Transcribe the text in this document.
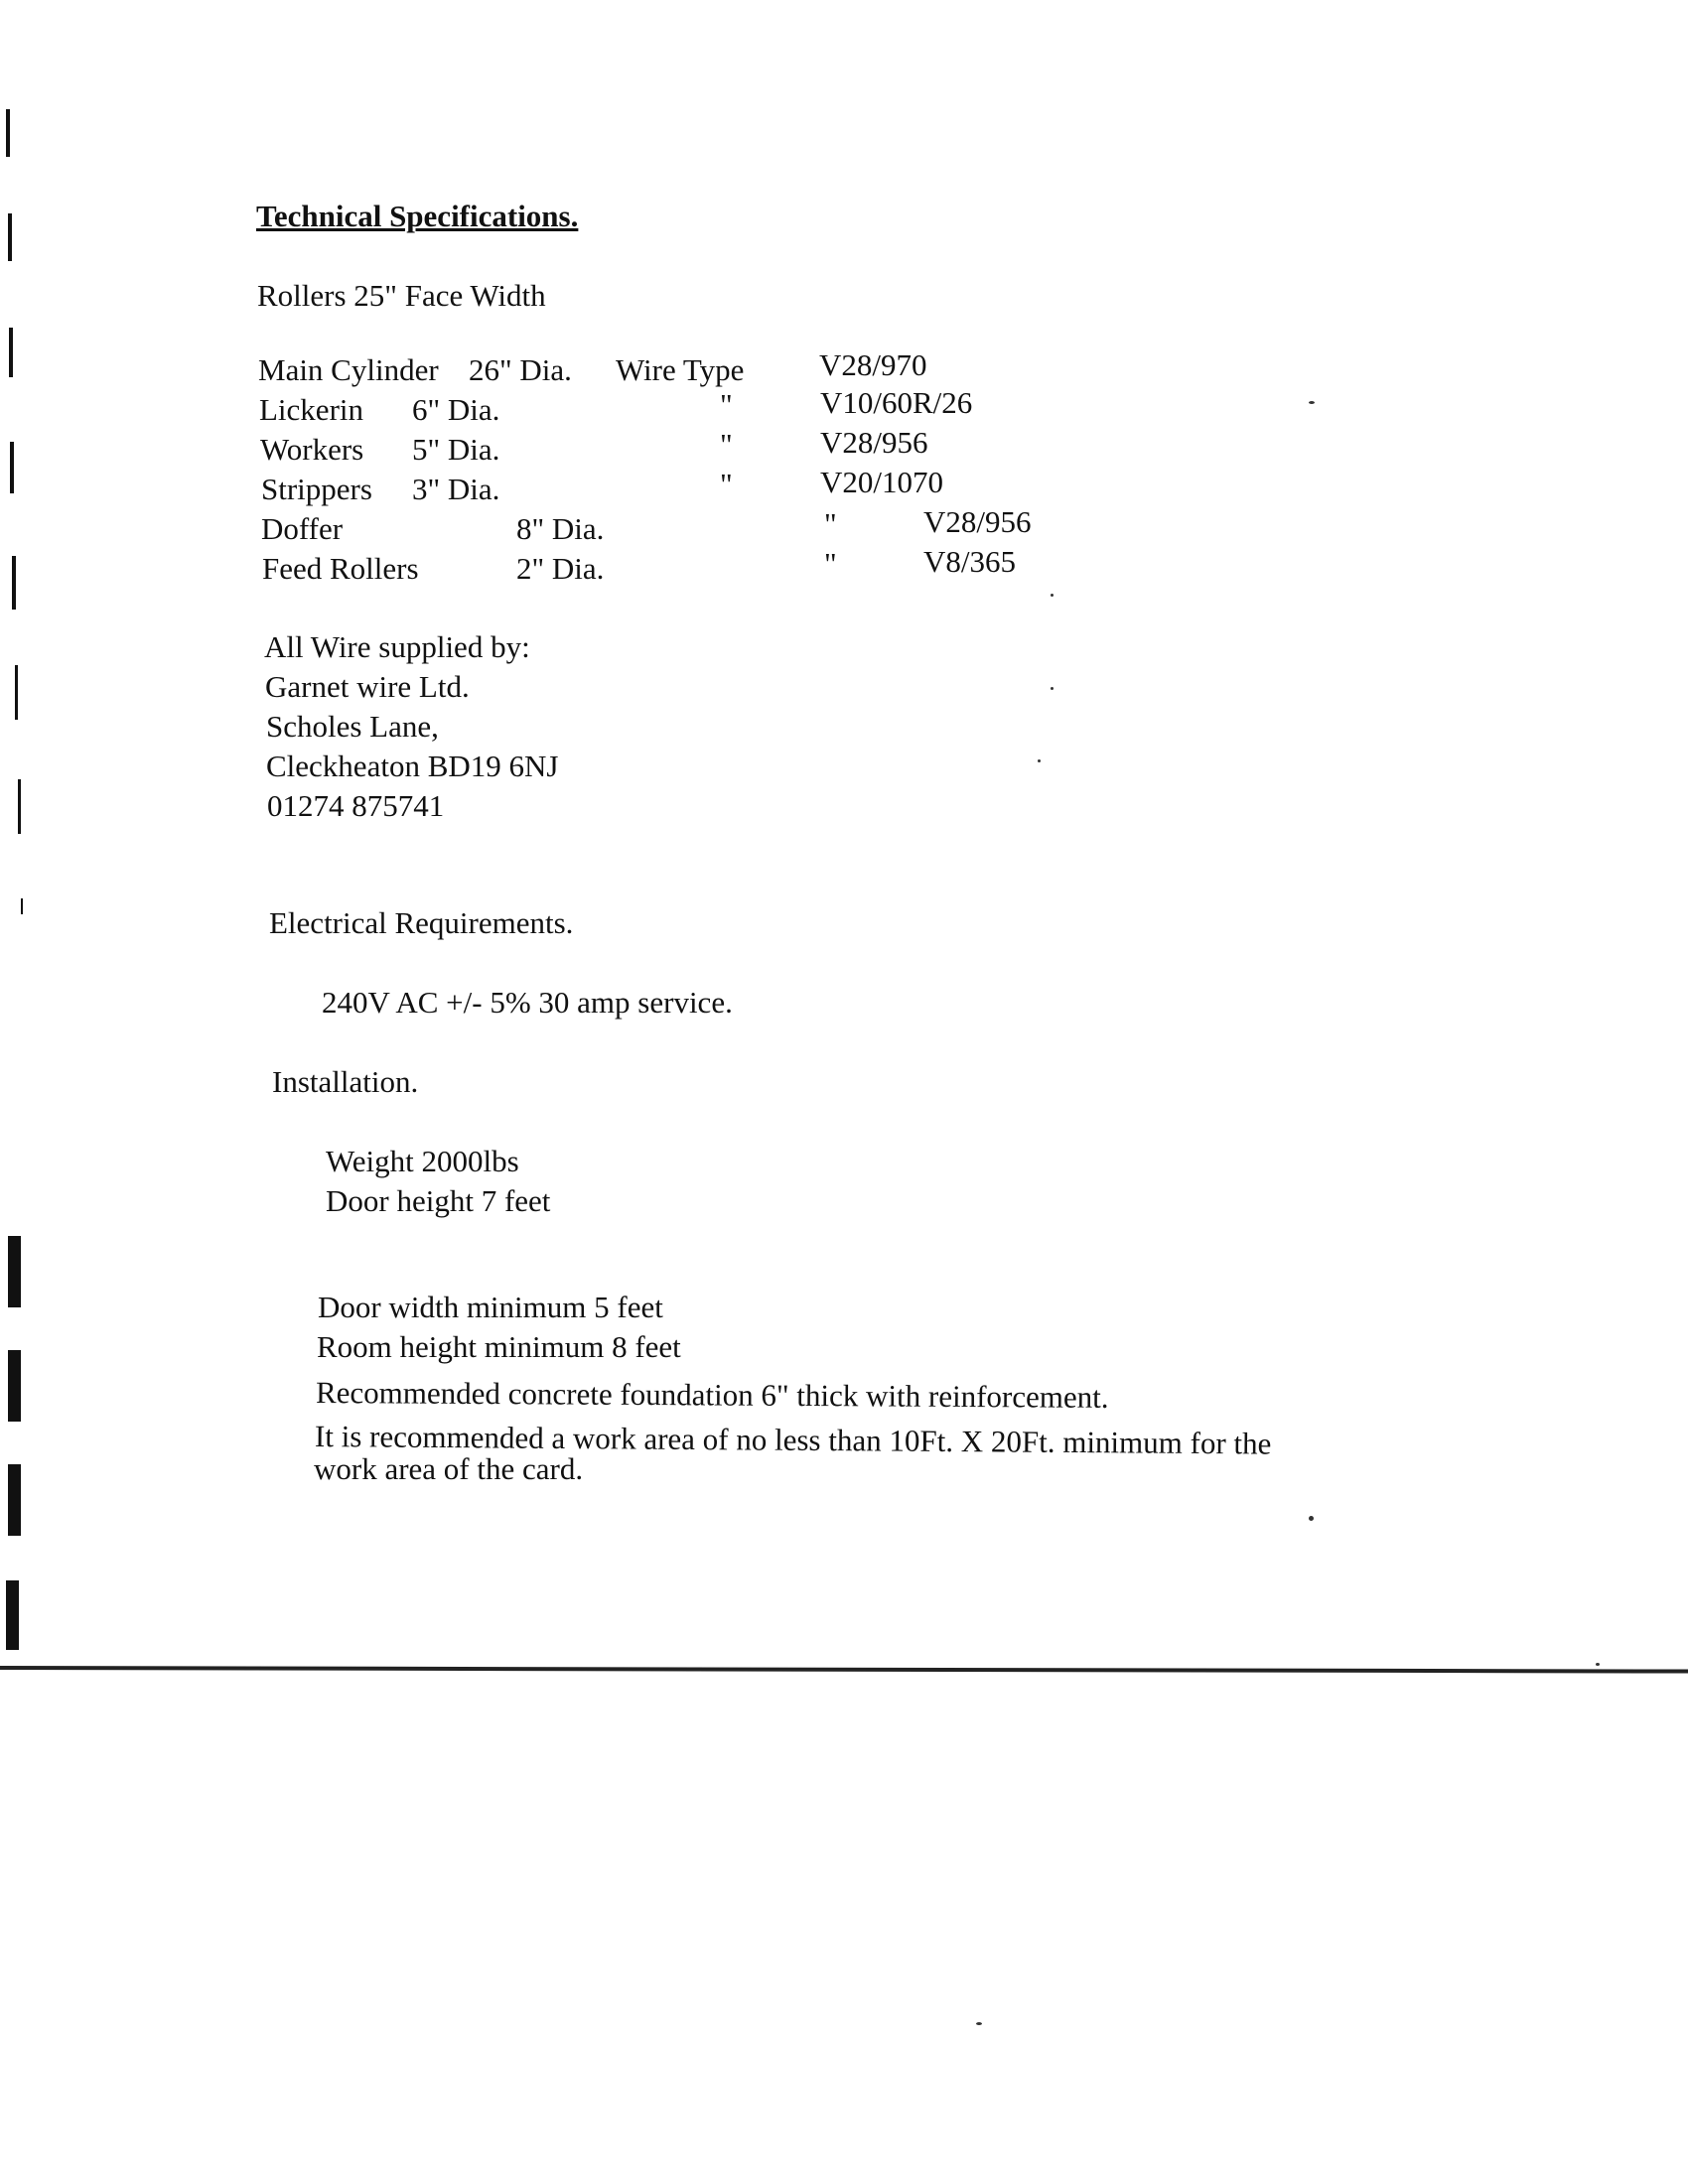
Technical Specifications.
Rollers 25" Face Width
Main Cylinder 26" Dia. Wire Type V28/970
Lickerin 6" Dia.	"	V10/60R/26
Workers 5" Dia.	"	V28/956
Strippers 3" Dia.	"	V20/1070
Doffer	8" Dia.	"	V28/956
Feed Rollers	2" Dia.	"	V8/365
All Wire supplied by:
Garnet wire Ltd.
Scholes Lane,
Cleckheaton BD19 6NJ
01274 875741
Electrical Requirements.
240V AC +/- 5% 30 amp service.
Installation.
Weight 2000lbs
Door height 7 feet
Door width minimum 5 feet
Room height minimum 8 feet
Recommended concrete foundation 6" thick with reinforcement.
It is recommended a work area of no less than 10Ft. X 20Ft. minimum for the
work area of the card.
